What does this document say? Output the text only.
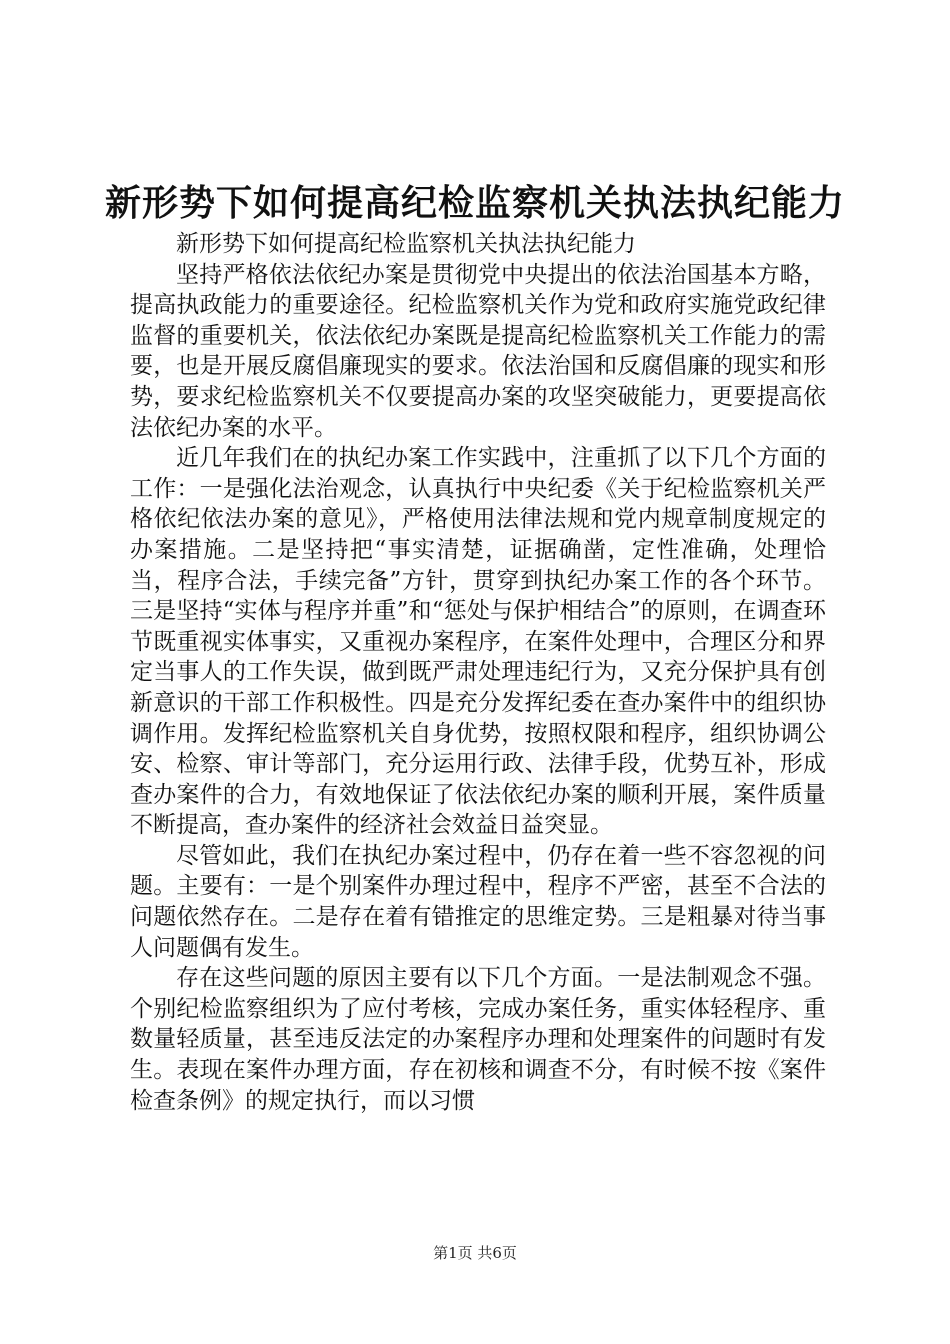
新形势下如何提高纪检监察机关执法执纪能力

新形势下如何提高纪检监察机关执法执纪能力

坚持严格依法依纪办案是贯彻党中央提出的依法治国基本方略，提高执政能力的重要途径。纪检监察机关作为党和政府实施党政纪律监督的重要机关，依法依纪办案既是提高纪检监察机关工作能力的需要，也是开展反腐倡廉现实的要求。依法治国和反腐倡廉的现实和形势，要求纪检监察机关不仅要提高办案的攻坚突破能力，更要提高依法依纪办案的水平。

近几年我们在的执纪办案工作实践中，注重抓了以下几个方面的工作：一是强化法治观念，认真执行中央纪委《关于纪检监察机关严格依纪依法办案的意见》，严格使用法律法规和党内规章制度规定的办案措施。二是坚持把“事实清楚，证据确凿，定性准确，处理恰当，程序合法，手续完备”方针，贯穿到执纪办案工作的各个环节。三是坚持“实体与程序并重”和“惩处与保护相结合”的原则，在调查环节既重视实体事实，又重视办案程序，在案件处理中，合理区分和界定当事人的工作失误，做到既严肃处理违纪行为，又充分保护具有创新意识的干部工作积极性。四是充分发挥纪委在查办案件中的组织协调作用。发挥纪检监察机关自身优势，按照权限和程序，组织协调公安、检察、审计等部门，充分运用行政、法律手段，优势互补，形成查办案件的合力，有效地保证了依法依纪办案的顺利开展，案件质量不断提高，查办案件的经济社会效益日益突显。

尽管如此，我们在执纪办案过程中，仍存在着一些不容忽视的问题。主要有：一是个别案件办理过程中，程序不严密，甚至不合法的问题依然存在。二是存在着有错推定的思维定势。三是粗暴对待当事人问题偶有发生。

存在这些问题的原因主要有以下几个方面。一是法制观念不强。个别纪检监察组织为了应付考核，完成办案任务，重实体轻程序、重数量轻质量，甚至违反法定的办案程序办理和处理案件的问题时有发生。表现在案件办理方面，存在初核和调查不分，有时候不按《案件检查条例》的规定执行，而以习惯

第1页 共6页
